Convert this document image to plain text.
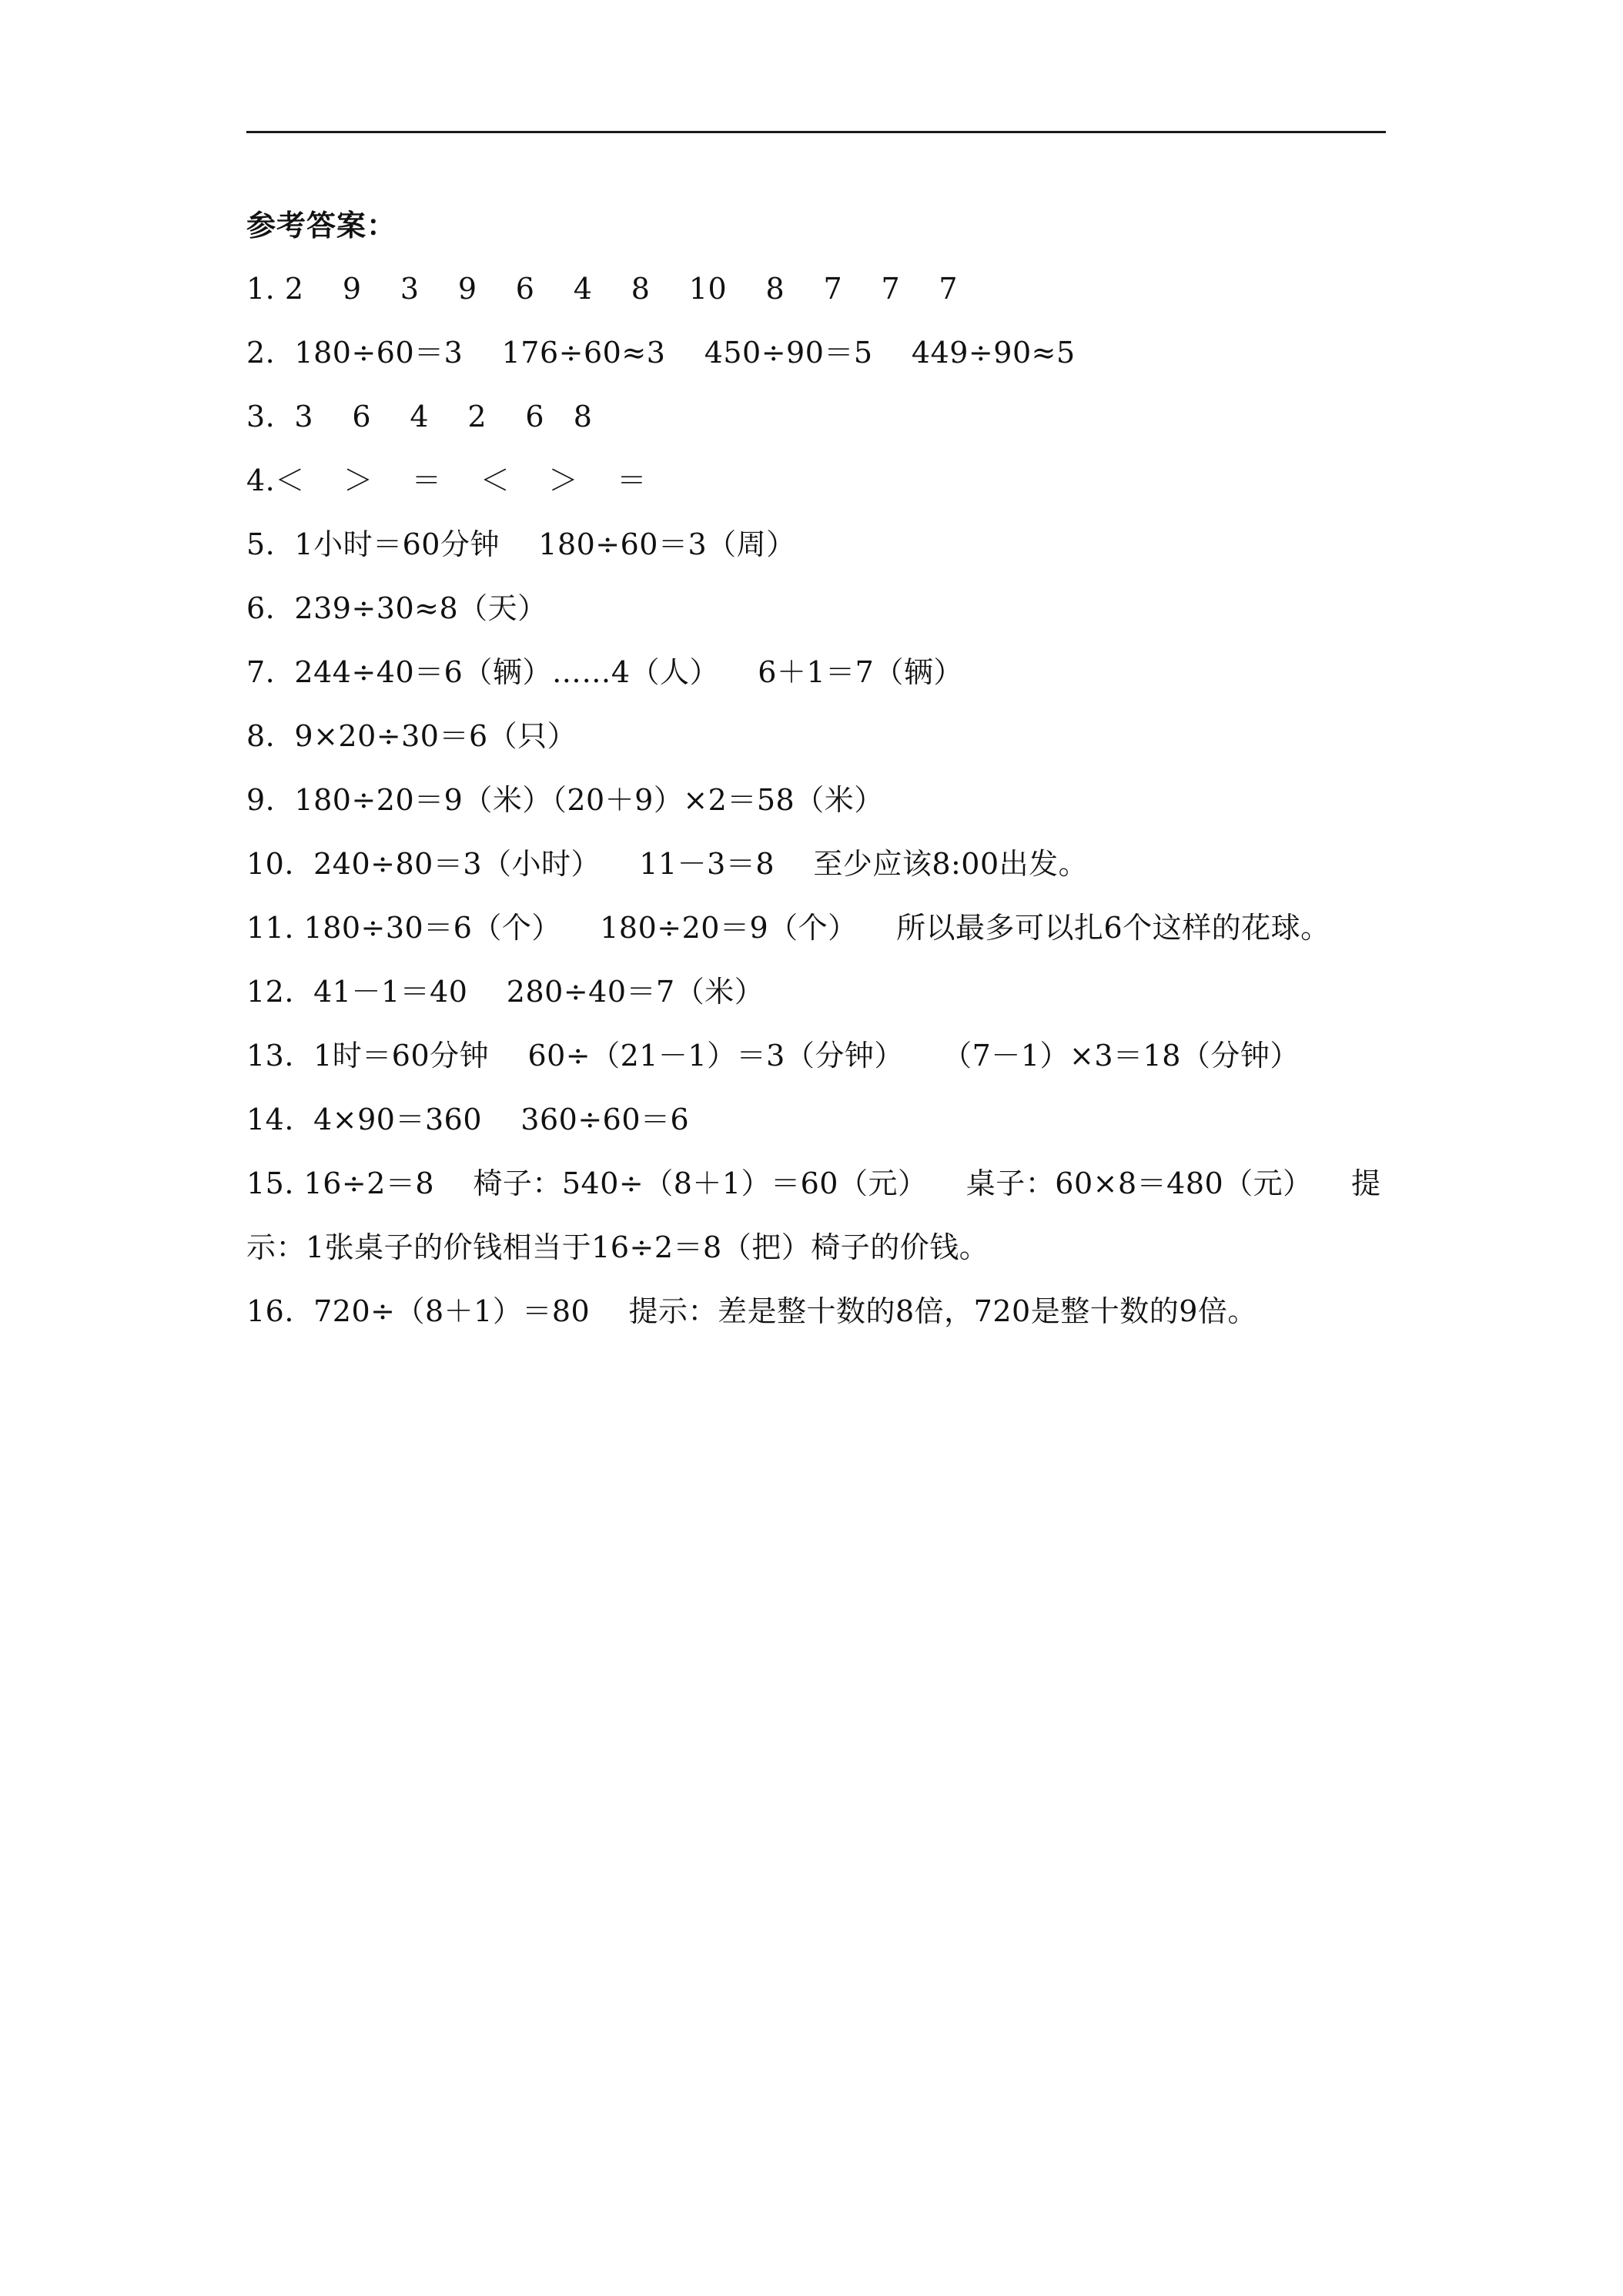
参考答案：
1. 2    9    3    9    6    4    8    10    8    7    7    7
2.  180÷60＝3    176÷60≈3    450÷90＝5    449÷90≈5
3.  3    6    4    2    6   8
4.＜    ＞    ＝    ＜    ＞    ＝
5.  1小时＝60分钟    180÷60＝3（周）
6.  239÷30≈8（天）
7.  244÷40＝6（辆）……4（人）    6＋1＝7（辆）
8.  9×20÷30＝6（只）
9.  180÷20＝9（米）（20＋9）×2＝58（米）
10.  240÷80＝3（小时）    11－3＝8    至少应该8:00出发。
11. 180÷30＝6（个）    180÷20＝9（个）    所以最多可以扎6个这样的花球。
12.  41－1＝40    280÷40＝7（米）
13.  1时＝60分钟    60÷（21－1）＝3（分钟）    （7－1）×3＝18（分钟）
14.  4×90＝360    360÷60＝6
15. 16÷2＝8    椅子：540÷（8＋1）＝60（元）    桌子：60×8＝480（元）    提示：1张桌子的价钱相当于16÷2＝8（把）椅子的价钱。
16.  720÷（8＋1）＝80    提示：差是整十数的8倍，720是整十数的9倍。
